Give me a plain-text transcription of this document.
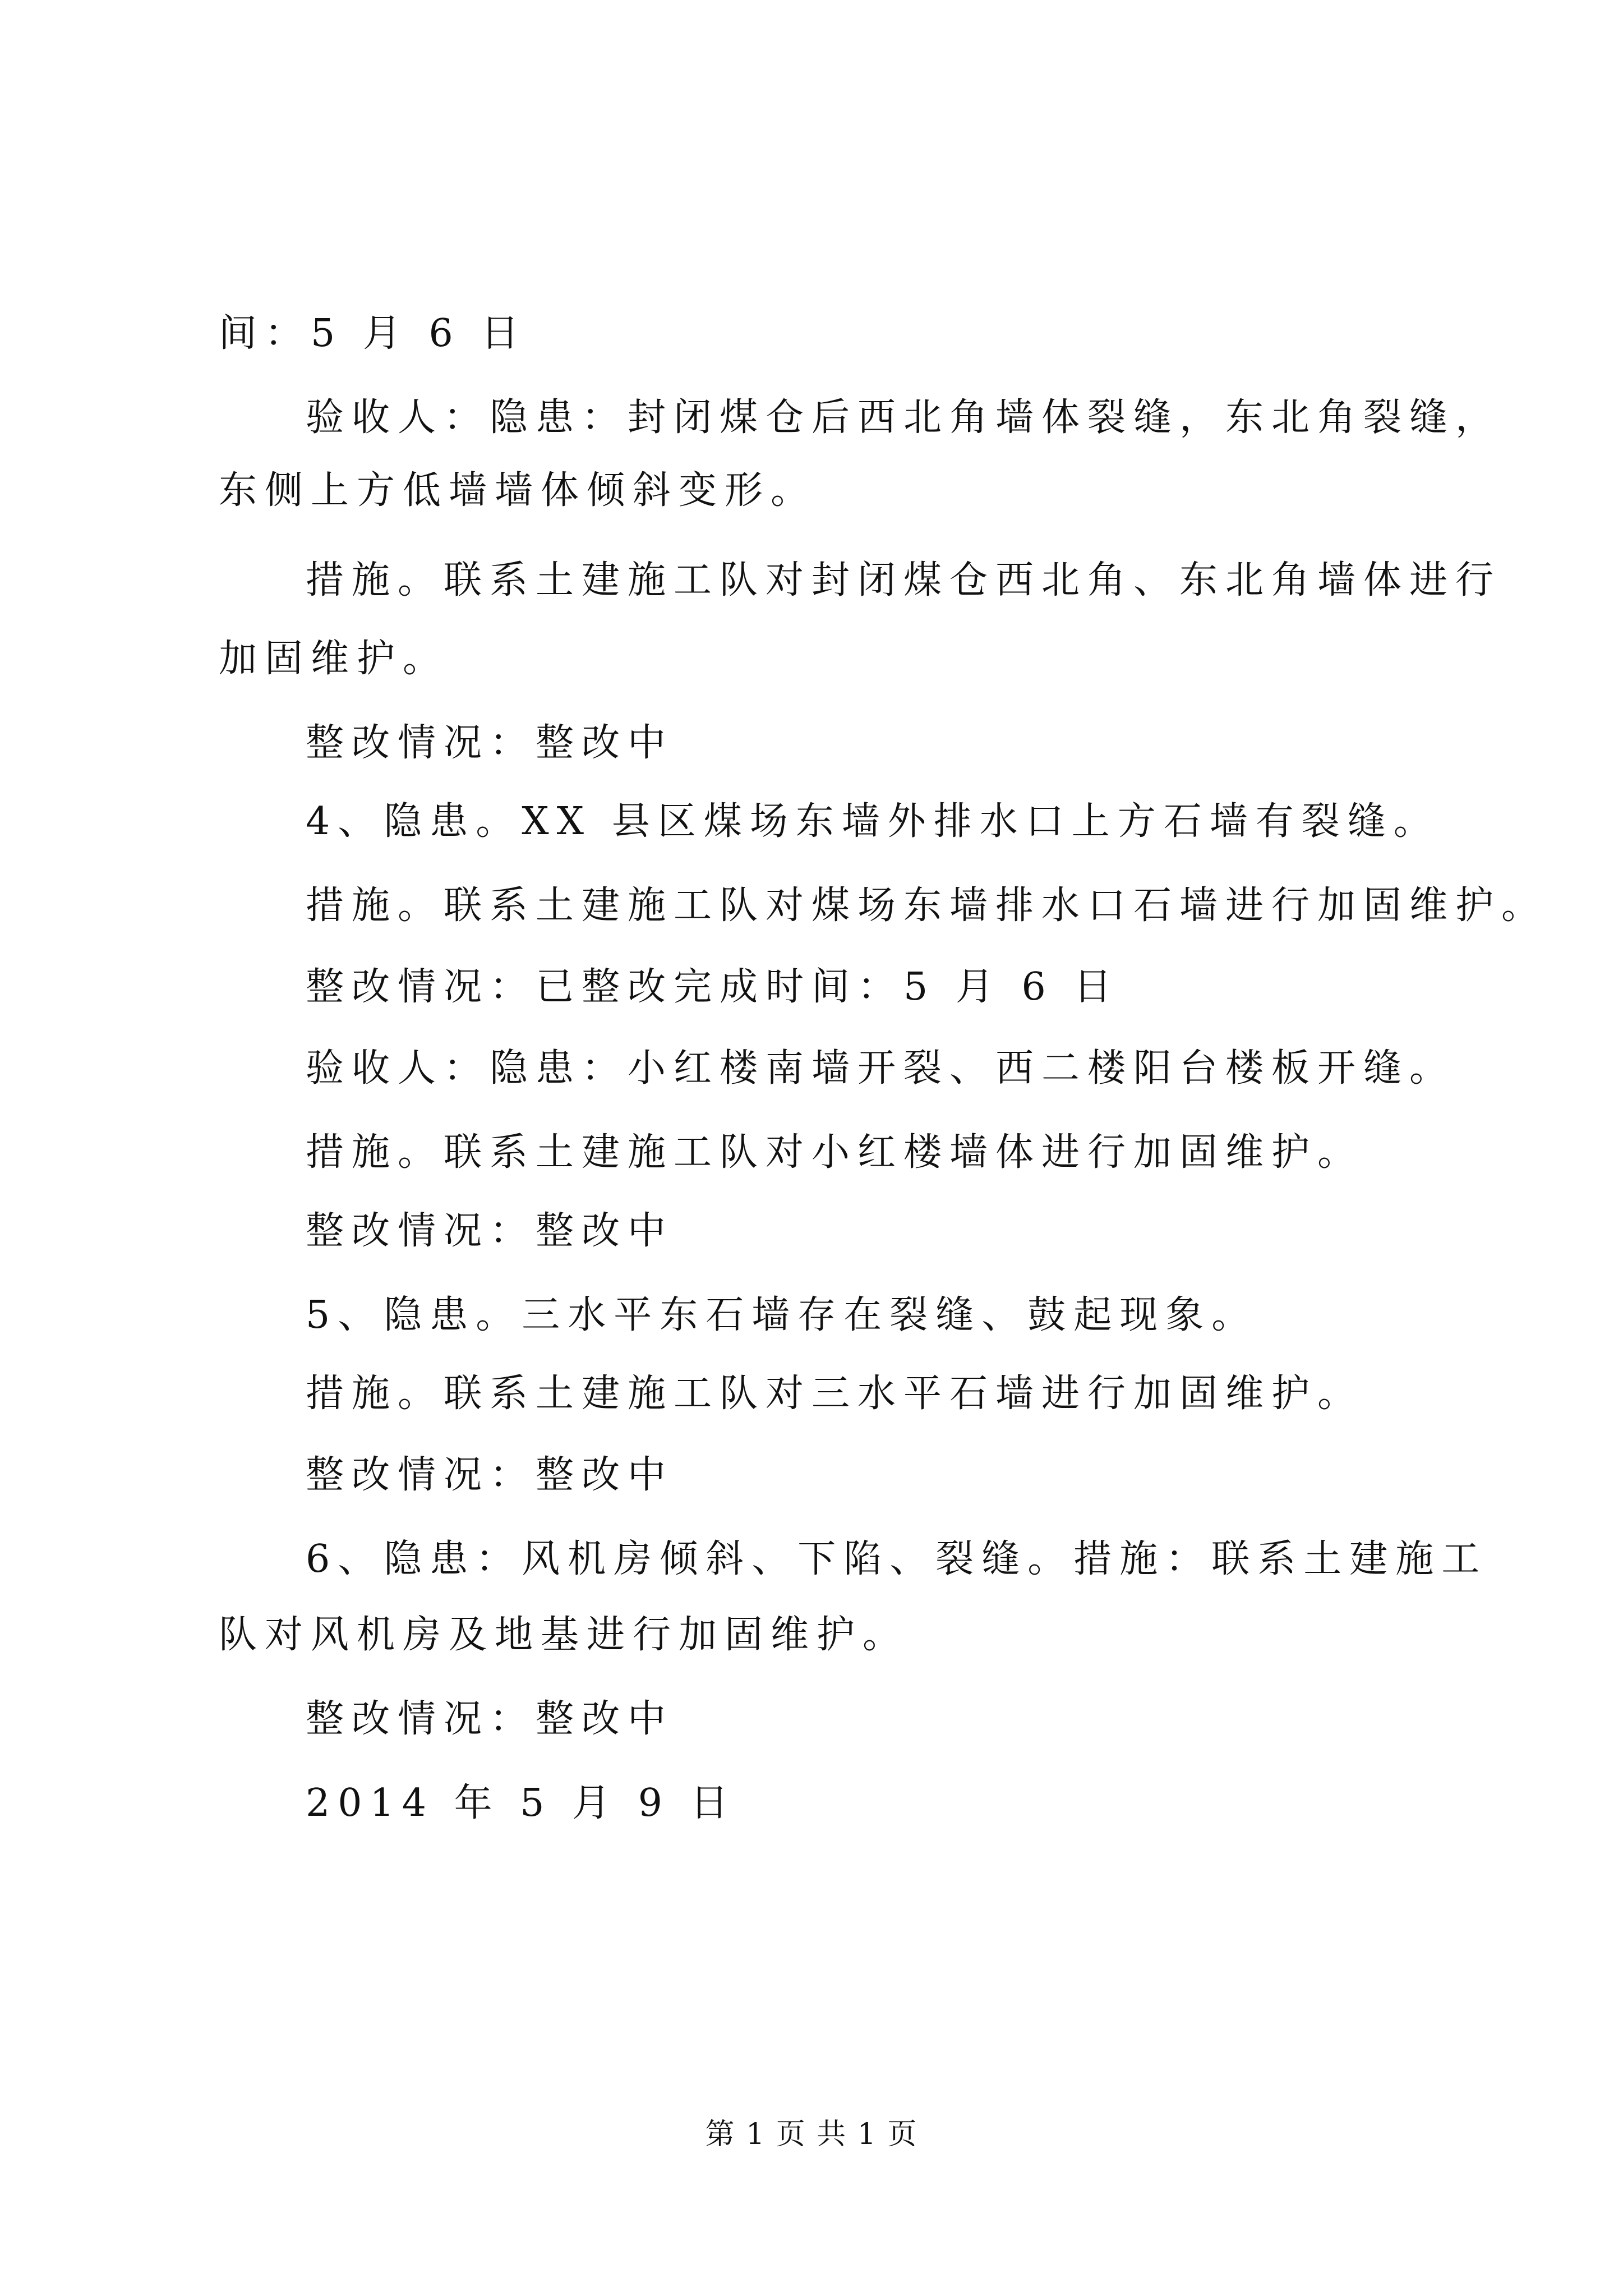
间：5 月 6 日
验收人：隐患：封闭煤仓后西北角墙体裂缝，东北角裂缝，
东侧上方低墙墙体倾斜变形。
措施。联系土建施工队对封闭煤仓西北角、东北角墙体进行
加固维护。
整改情况：整改中
4、隐患。XX 县区煤场东墙外排水口上方石墙有裂缝。
措施。联系土建施工队对煤场东墙排水口石墙进行加固维护。
整改情况：已整改完成时间：5 月 6 日
验收人：隐患：小红楼南墙开裂、西二楼阳台楼板开缝。
措施。联系土建施工队对小红楼墙体进行加固维护。
整改情况：整改中
5、隐患。三水平东石墙存在裂缝、鼓起现象。
措施。联系土建施工队对三水平石墙进行加固维护。
整改情况：整改中
6、隐患：风机房倾斜、下陷、裂缝。措施：联系土建施工
队对风机房及地基进行加固维护。
整改情况：整改中
2014 年 5 月 9 日
第 1 页 共 1 页
